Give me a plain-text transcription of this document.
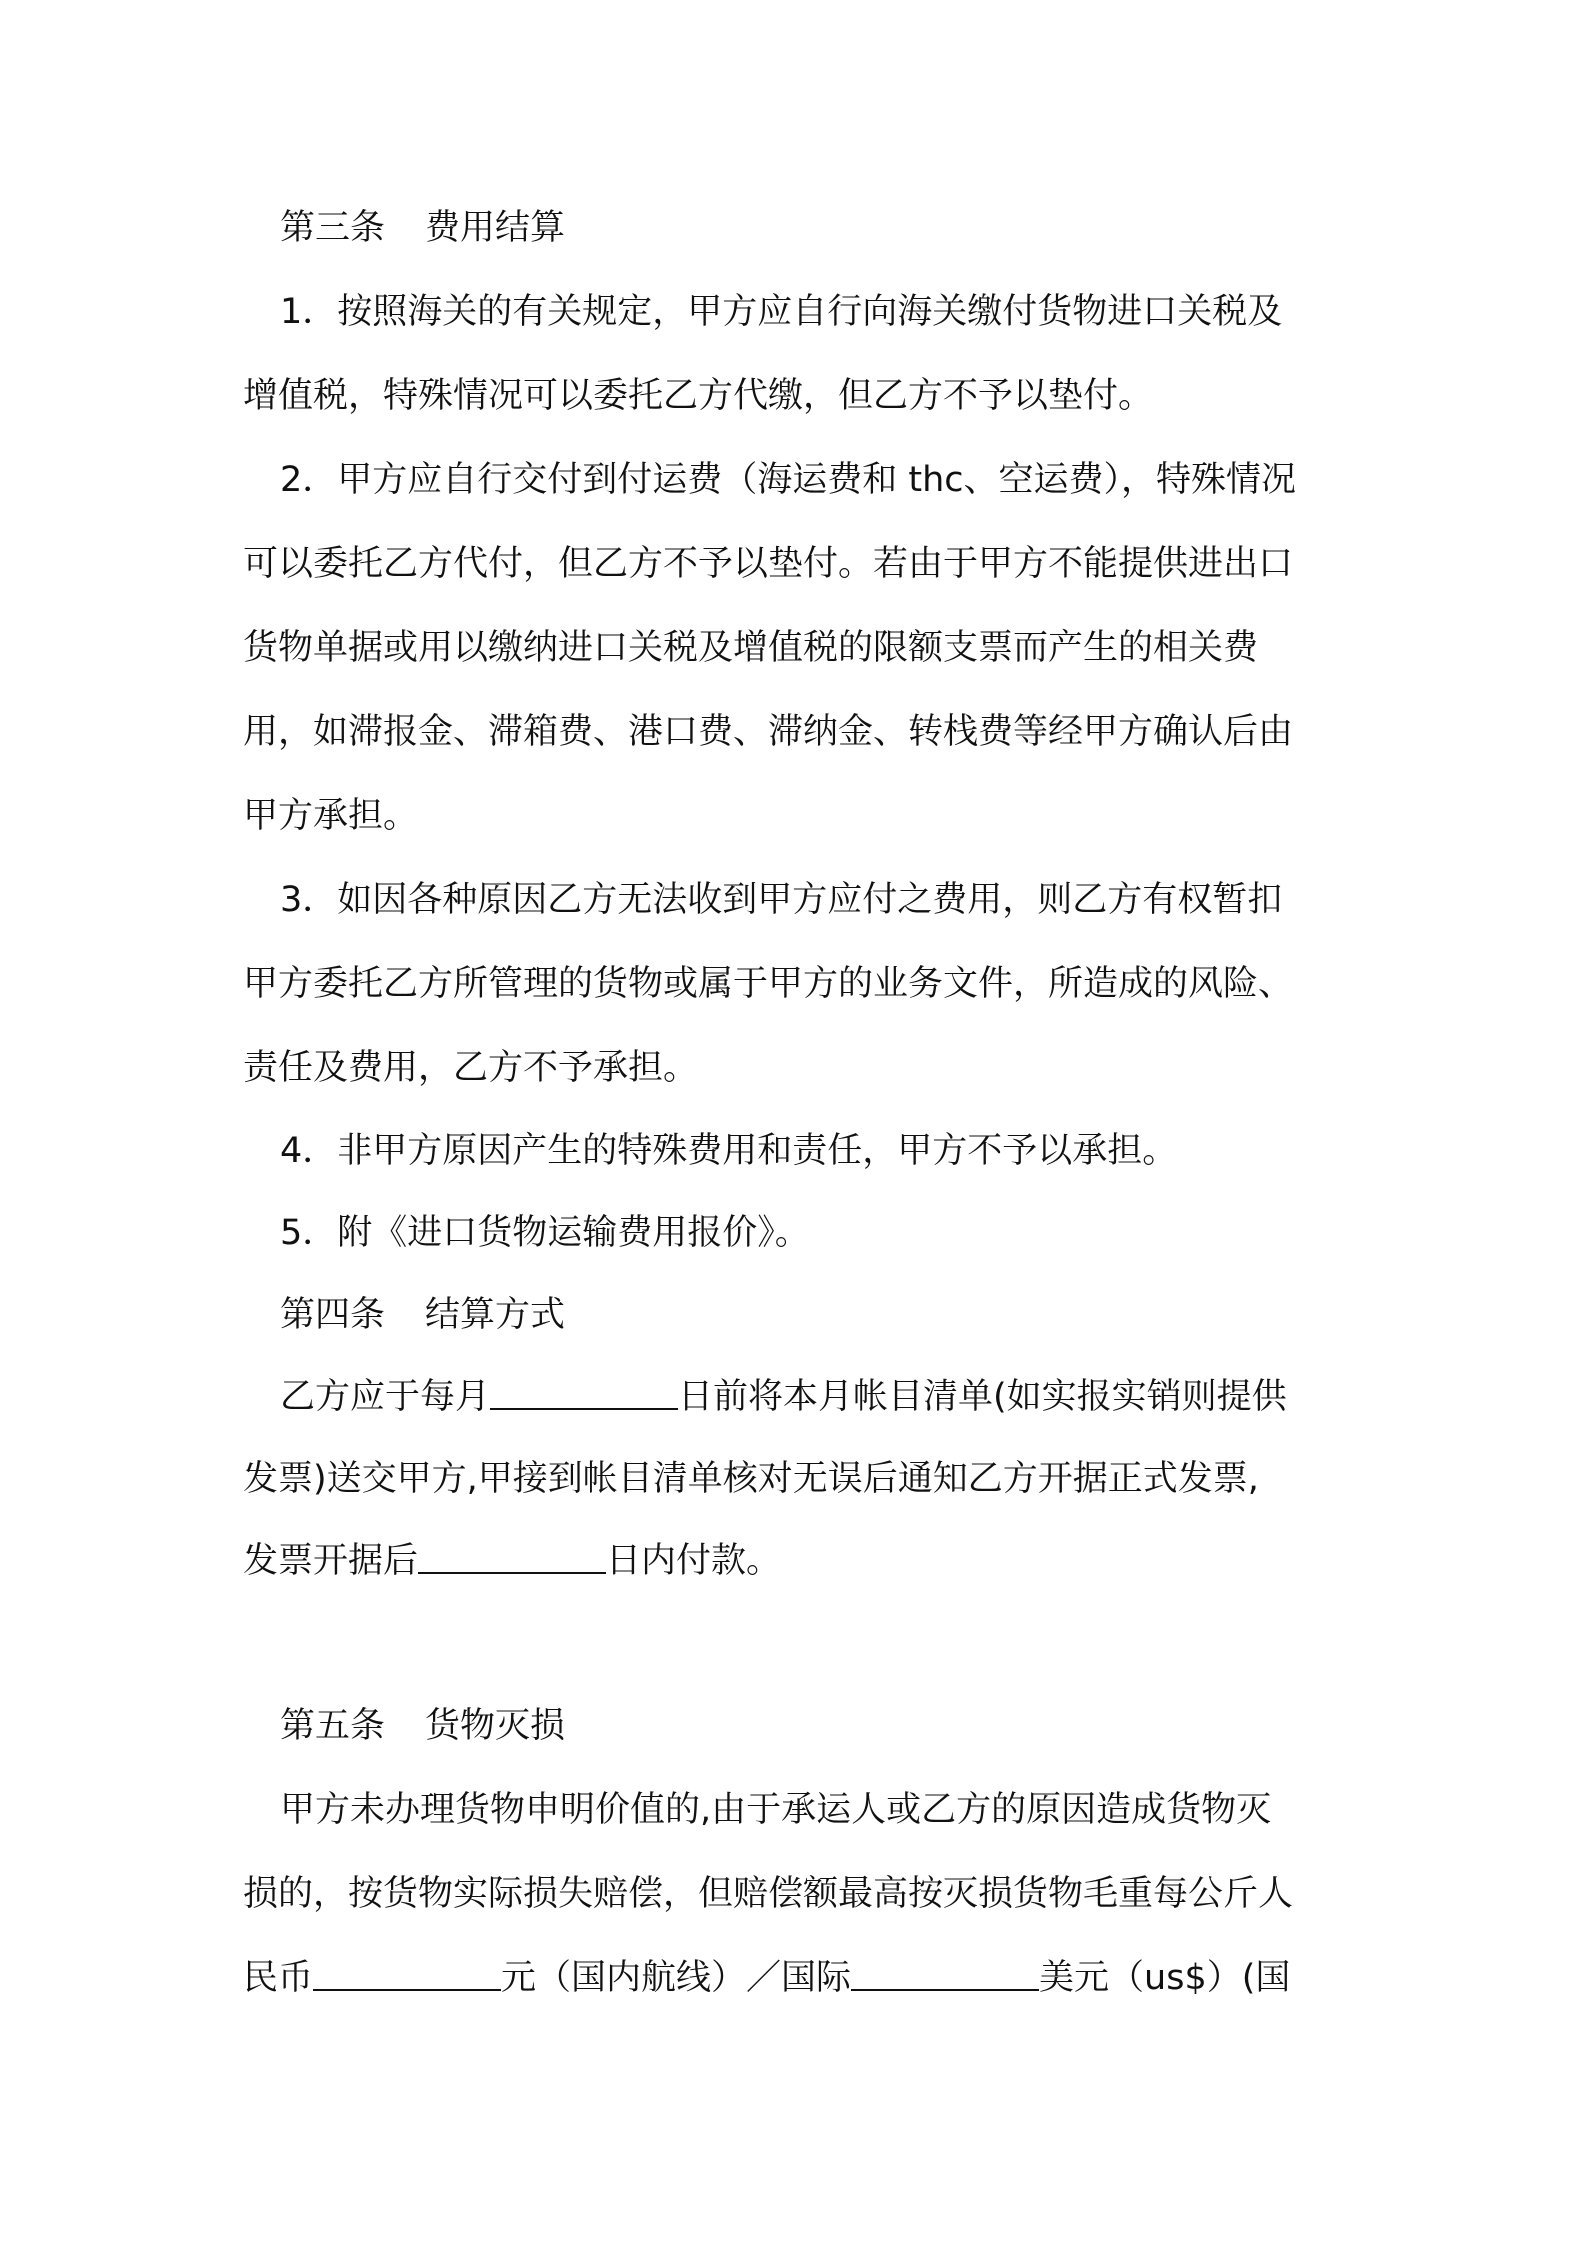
第三条 费用结算
1．按照海关的有关规定，甲方应自行向海关缴付货物进口关税及
增值税，特殊情况可以委托乙方代缴，但乙方不予以垫付。
2．甲方应自行交付到付运费（海运费和 thc、空运费），特殊情况
可以委托乙方代付，但乙方不予以垫付。若由于甲方不能提供进出口
货物单据或用以缴纳进口关税及增值税的限额支票而产生的相关费
用，如滞报金、滞箱费、港口费、滞纳金、转栈费等经甲方确认后由
甲方承担。
3．如因各种原因乙方无法收到甲方应付之费用，则乙方有权暂扣
甲方委托乙方所管理的货物或属于甲方的业务文件，所造成的风险、
责任及费用，乙方不予承担。
4．非甲方原因产生的特殊费用和责任，甲方不予以承担。
5．附《进口货物运输费用报价》。
第四条 结算方式
乙方应于每月	日前将本月帐目清单(如实报实销则提供
发票)送交甲方,甲接到帐目清单核对无误后通知乙方开据正式发票,
发票开据后	日内付款。
第五条 货物灭损
甲方未办理货物申明价值的,由于承运人或乙方的原因造成货物灭
损的，按货物实际损失赔偿，但赔偿额最高按灭损货物毛重每公斤人
民币	元（国内航线）／国际	美元（us$）(国
